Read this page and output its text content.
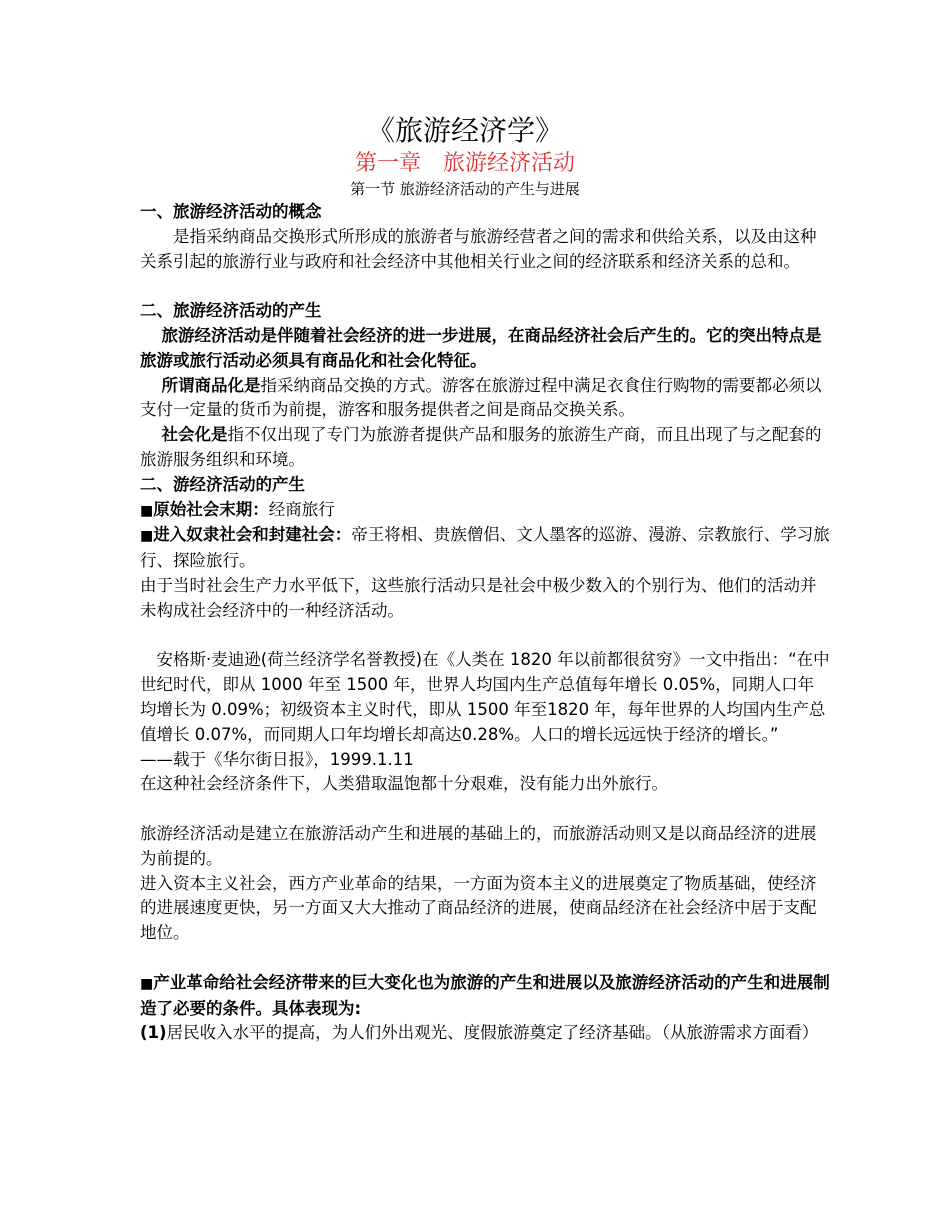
《旅游经济学》

第一章　旅游经济活动

第一节 旅游经济活动的产生与进展

一、旅游经济活动的概念

是指采纳商品交换形式所形成的旅游者与旅游经营者之间的需求和供给关系，以及由这种关系引起的旅游行业与政府和社会经济中其他相关行业之间的经济联系和经济关系的总和。

二、旅游经济活动的产生

旅游经济活动是伴随着社会经济的进一步进展，在商品经济社会后产生的。它的突出特点是旅游或旅行活动必须具有商品化和社会化特征。

所谓商品化是指采纳商品交换的方式。游客在旅游过程中满足衣食住行购物的需要都必须以支付一定量的货币为前提，游客和服务提供者之间是商品交换关系。

社会化是指不仅出现了专门为旅游者提供产品和服务的旅游生产商，而且出现了与之配套的旅游服务组织和环境。

二、游经济活动的产生

■原始社会末期：经商旅行

■进入奴隶社会和封建社会：帝王将相、贵族僧侣、文人墨客的巡游、漫游、宗教旅行、学习旅行、探险旅行。

由于当时社会生产力水平低下，这些旅行活动只是社会中极少数入的个别行为、他们的活动并未构成社会经济中的一种经济活动。

安格斯·麦迪逊(荷兰经济学名誉教授)在《人类在 1820 年以前都很贫穷》一文中指出：“在中世纪时代，即从 1000 年至 1500 年，世界人均国内生产总值每年增长 0.05%，同期人口年均增长为 0.09%；初级资本主义时代，即从 1500 年至1820 年，每年世界的人均国内生产总值增长 0.07%，而同期人口年均增长却高达0.28%。人口的增长远远快于经济的增长。”

——载于《华尔街日报》，1999.1.11

在这种社会经济条件下，人类猎取温饱都十分艰难，没有能力出外旅行。

旅游经济活动是建立在旅游活动产生和进展的基础上的，而旅游活动则又是以商品经济的进展为前提的。

进入资本主义社会，西方产业革命的结果，一方面为资本主义的进展奠定了物质基础，使经济的进展速度更快，另一方面又大大推动了商品经济的进展，使商品经济在社会经济中居于支配地位。

■产业革命给社会经济带来的巨大变化也为旅游的产生和进展以及旅游经济活动的产生和进展制造了必要的条件。具体表现为:

(1)居民收入水平的提高，为人们外出观光、度假旅游奠定了经济基础。（从旅游需求方面看）
